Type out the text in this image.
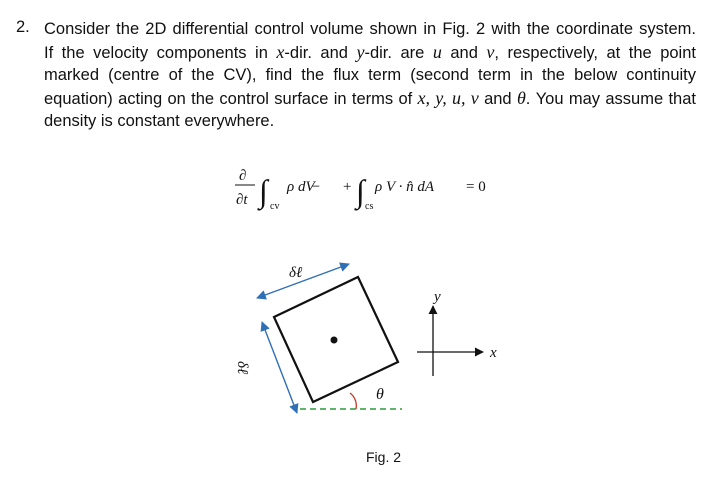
2. Consider the 2D differential control volume shown in Fig. 2 with the coordinate system.
If the velocity components in x-dir. and y-dir. are u and v, respectively, at the point
marked (centre of the CV), find the flux term (second term in the below continuity
equation) acting on the control surface in terms of x, y, u, v and θ. You may assume that
density is constant everywhere.
∂
∂t ∫ cv
ρ dV̶	+ ∫ cs
ρ V · n̂ dA = 0
δℓ
δℓ
θ
y
x
Fig. 2
